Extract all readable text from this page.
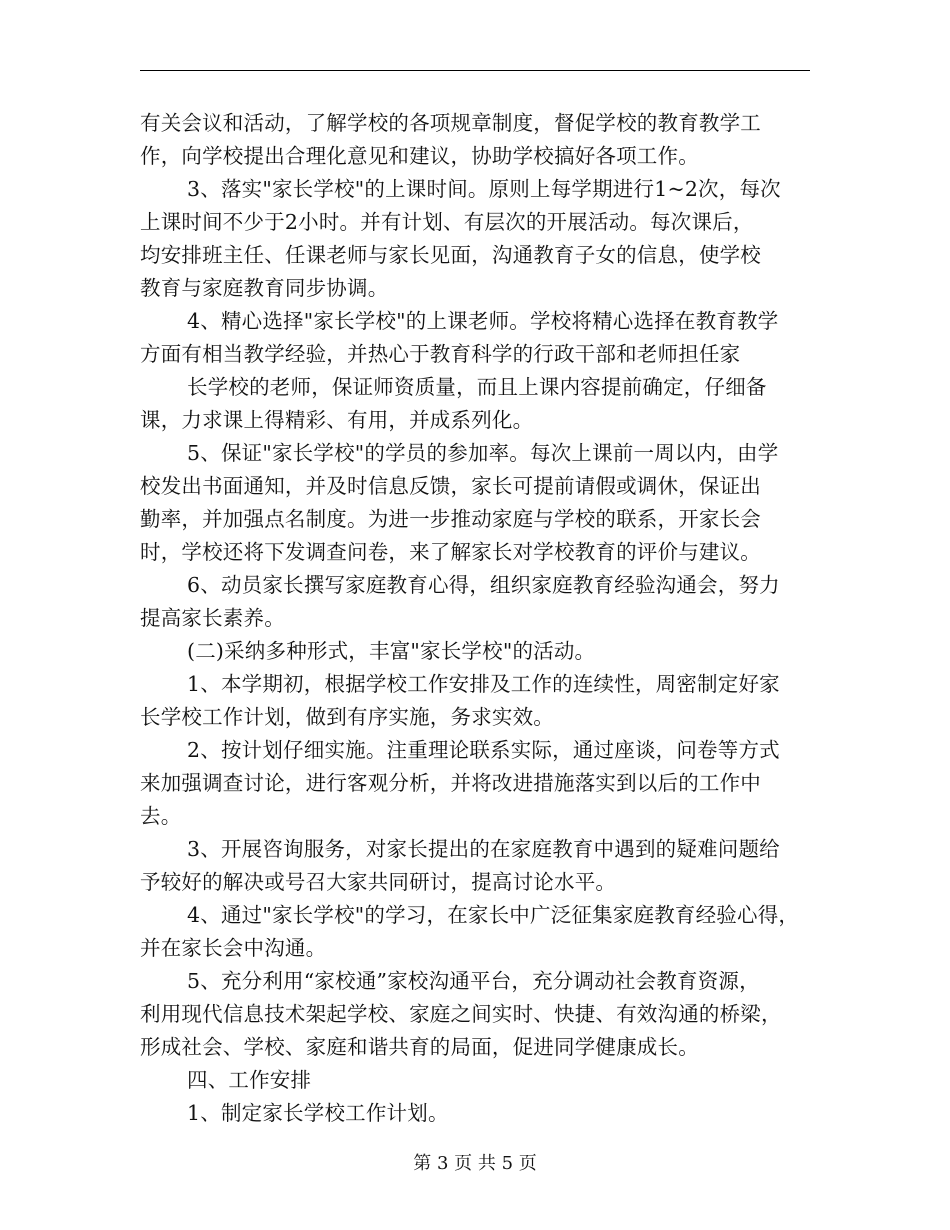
有关会议和活动，了解学校的各项规章制度，督促学校的教育教学工
作，向学校提出合理化意见和建议，协助学校搞好各项工作。
3、落实"家长学校"的上课时间。原则上每学期进行1~2次，每次
上课时间不少于2小时。并有计划、有层次的开展活动。每次课后，
均安排班主任、任课老师与家长见面，沟通教育子女的信息，使学校
教育与家庭教育同步协调。
4、精心选择"家长学校"的上课老师。学校将精心选择在教育教学
方面有相当教学经验，并热心于教育科学的行政干部和老师担任家
长学校的老师，保证师资质量，而且上课内容提前确定，仔细备
课，力求课上得精彩、有用，并成系列化。
5、保证"家长学校"的学员的参加率。每次上课前一周以内，由学
校发出书面通知，并及时信息反馈，家长可提前请假或调休，保证出
勤率，并加强点名制度。为进一步推动家庭与学校的联系，开家长会
时，学校还将下发调查问卷，来了解家长对学校教育的评价与建议。
6、动员家长撰写家庭教育心得，组织家庭教育经验沟通会，努力
提高家长素养。
(二)采纳多种形式，丰富"家长学校"的活动。
1、本学期初，根据学校工作安排及工作的连续性，周密制定好家
长学校工作计划，做到有序实施，务求实效。
2、按计划仔细实施。注重理论联系实际，通过座谈，问卷等方式
来加强调查讨论，进行客观分析，并将改进措施落实到以后的工作中
去。
3、开展咨询服务，对家长提出的在家庭教育中遇到的疑难问题给
予较好的解决或号召大家共同研讨，提高讨论水平。
4、通过"家长学校"的学习，在家长中广泛征集家庭教育经验心得，
并在家长会中沟通。
5、充分利用“家校通”家校沟通平台，充分调动社会教育资源，
利用现代信息技术架起学校、家庭之间实时、快捷、有效沟通的桥梁，
形成社会、学校、家庭和谐共育的局面，促进同学健康成长。
四、工作安排
1、制定家长学校工作计划。
第 3 页 共 5 页
